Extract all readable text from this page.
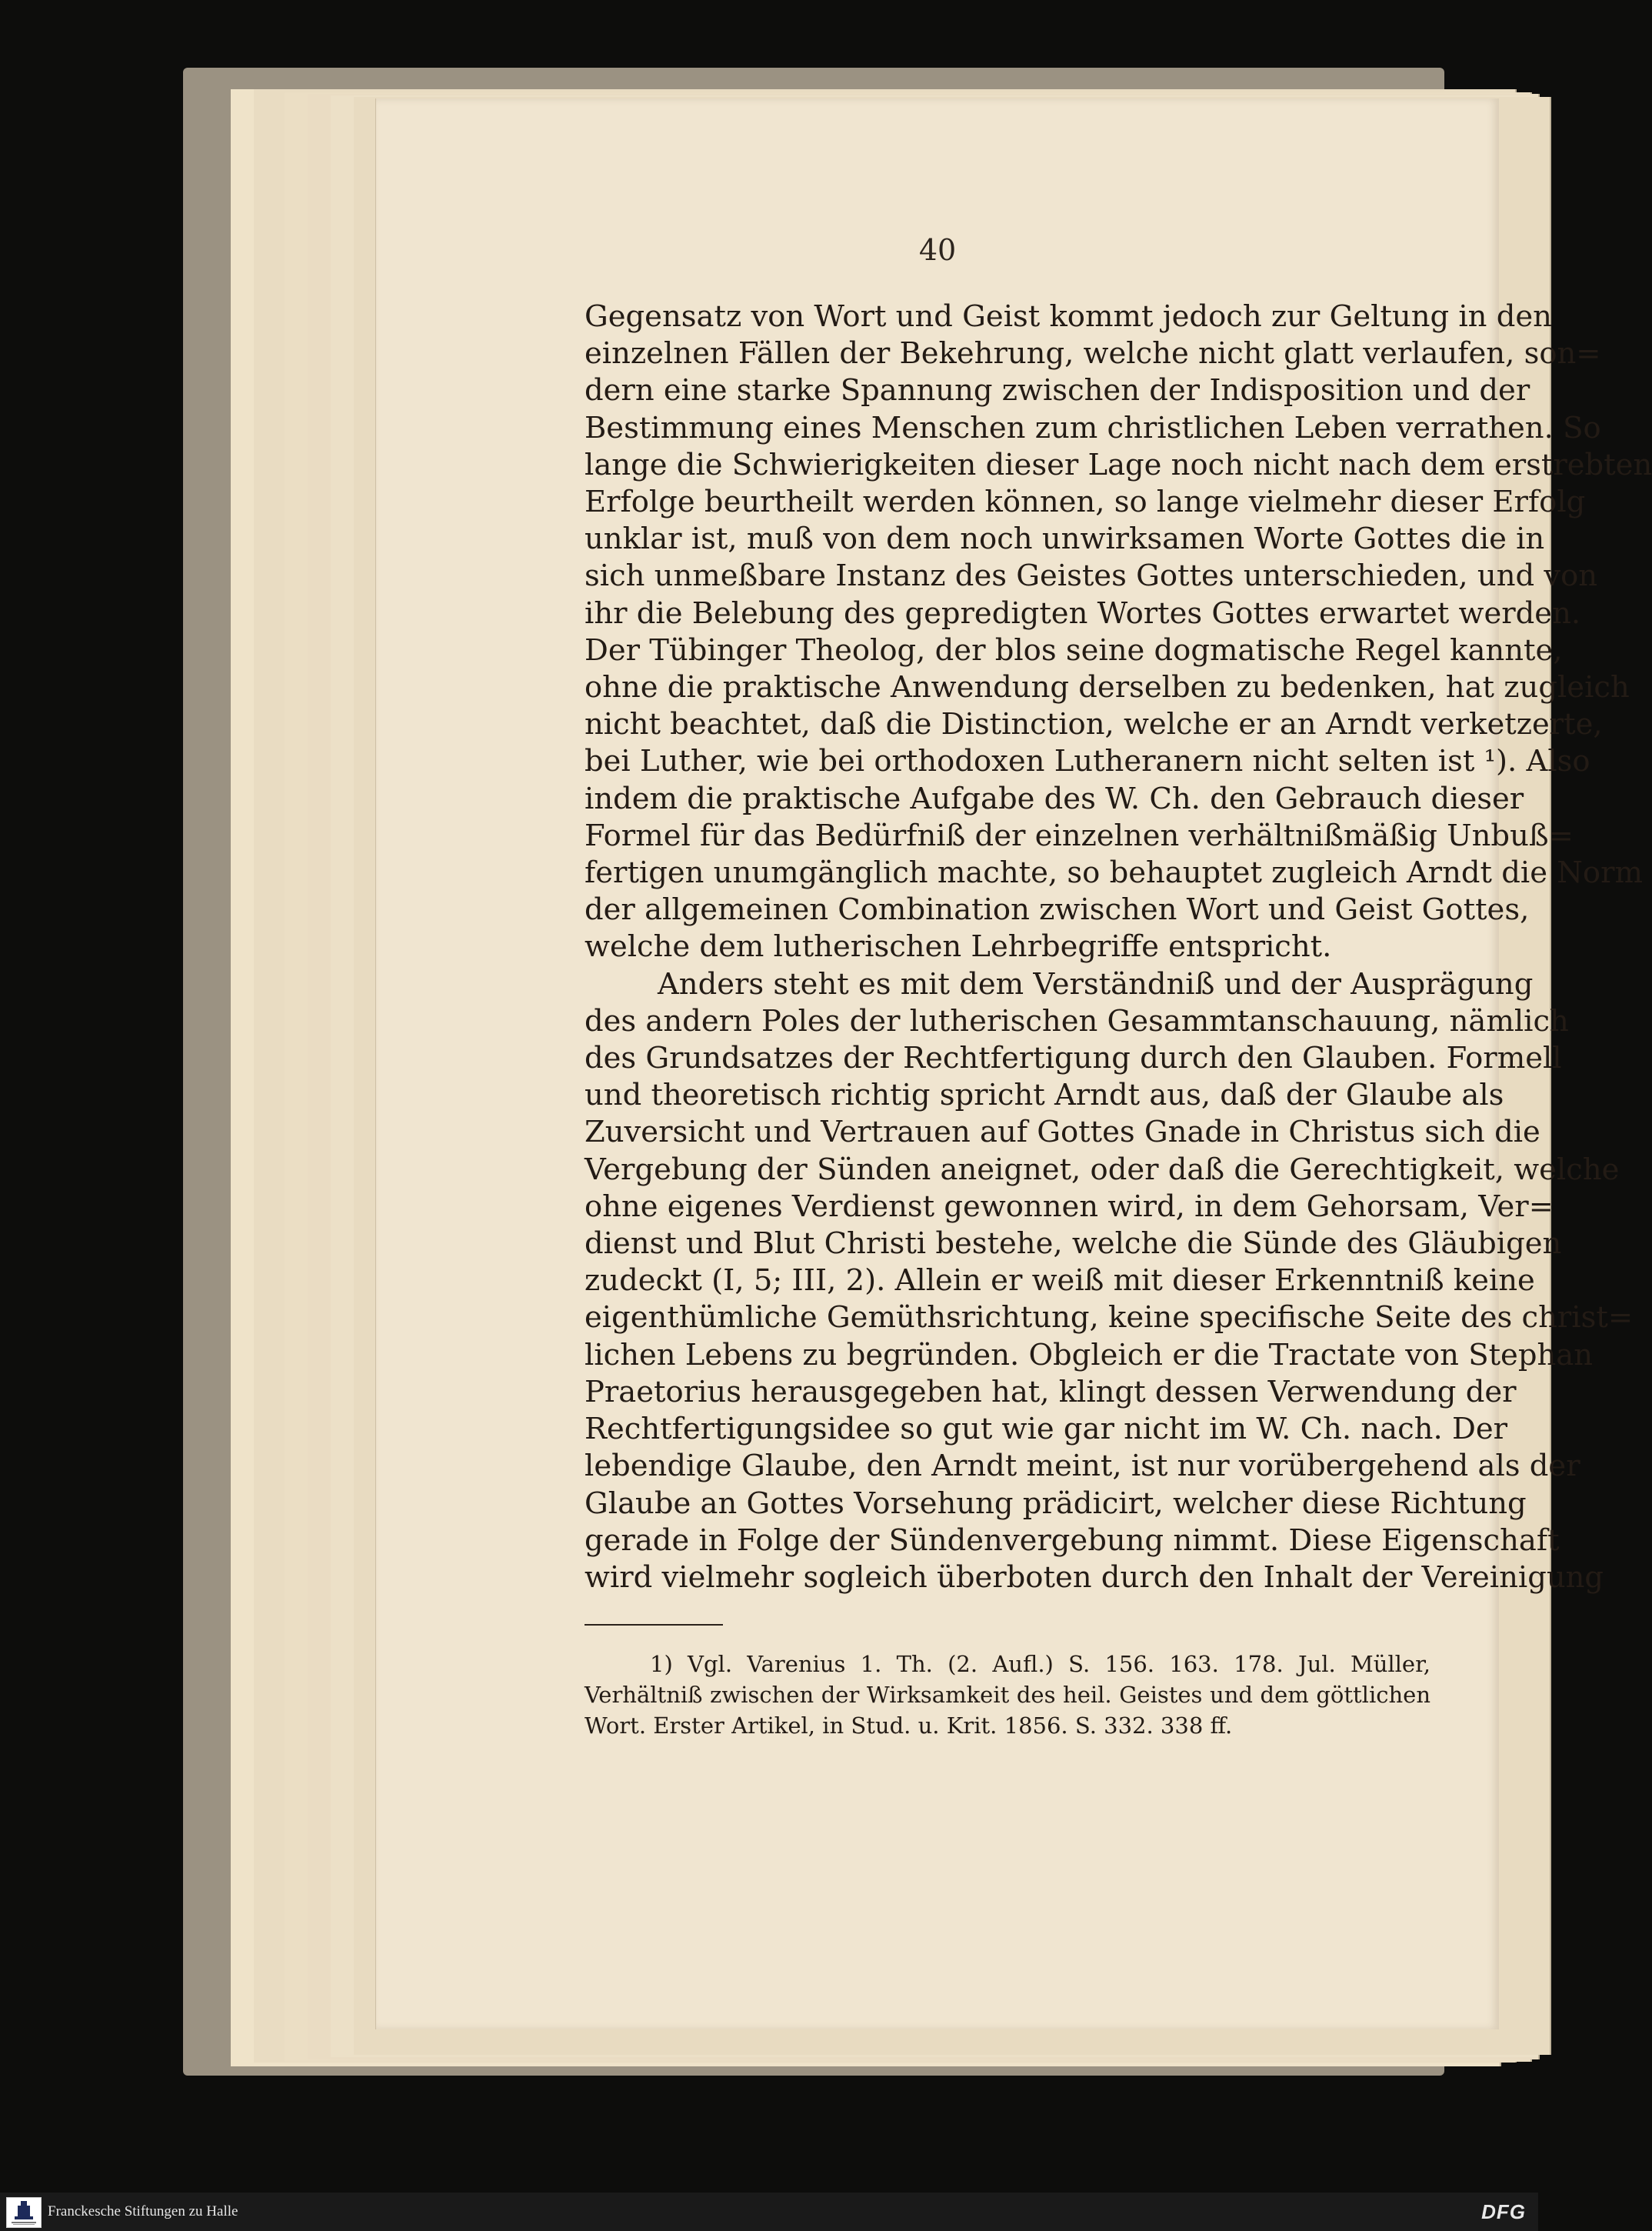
40
Gegensatz von Wort und Geist kommt jedoch zur Geltung in den
einzelnen Fällen der Bekehrung, welche nicht glatt verlaufen, son=
dern eine starke Spannung zwischen der Indisposition und der
Bestimmung eines Menschen zum christlichen Leben verrathen. So
lange die Schwierigkeiten dieser Lage noch nicht nach dem erstrebten
Erfolge beurtheilt werden können, so lange vielmehr dieser Erfolg
unklar ist, muß von dem noch unwirksamen Worte Gottes die in
sich unmeßbare Instanz des Geistes Gottes unterschieden, und von
ihr die Belebung des gepredigten Wortes Gottes erwartet werden.
Der Tübinger Theolog, der blos seine dogmatische Regel kannte,
ohne die praktische Anwendung derselben zu bedenken, hat zugleich
nicht beachtet, daß die Distinction, welche er an Arndt verketzerte,
bei Luther, wie bei orthodoxen Lutheranern nicht selten ist ¹). Also
indem die praktische Aufgabe des W. Ch. den Gebrauch dieser
Formel für das Bedürfniß der einzelnen verhältnißmäßig Unbuß=
fertigen unumgänglich machte, so behauptet zugleich Arndt die Norm
der allgemeinen Combination zwischen Wort und Geist Gottes,
welche dem lutherischen Lehrbegriffe entspricht.
Anders steht es mit dem Verständniß und der Ausprägung
des andern Poles der lutherischen Gesammtanschauung, nämlich
des Grundsatzes der Rechtfertigung durch den Glauben. Formell
und theoretisch richtig spricht Arndt aus, daß der Glaube als
Zuversicht und Vertrauen auf Gottes Gnade in Christus sich die
Vergebung der Sünden aneignet, oder daß die Gerechtigkeit, welche
ohne eigenes Verdienst gewonnen wird, in dem Gehorsam, Ver=
dienst und Blut Christi bestehe, welche die Sünde des Gläubigen
zudeckt (I, 5; III, 2). Allein er weiß mit dieser Erkenntniß keine
eigenthümliche Gemüthsrichtung, keine specifische Seite des christ=
lichen Lebens zu begründen. Obgleich er die Tractate von Stephan
Praetorius herausgegeben hat, klingt dessen Verwendung der
Rechtfertigungsidee so gut wie gar nicht im W. Ch. nach. Der
lebendige Glaube, den Arndt meint, ist nur vorübergehend als der
Glaube an Gottes Vorsehung prädicirt, welcher diese Richtung
gerade in Folge der Sündenvergebung nimmt. Diese Eigenschaft
wird vielmehr sogleich überboten durch den Inhalt der Vereinigung
1) Vgl. Varenius 1. Th. (2. Aufl.) S. 156. 163. 178. Jul. Müller,
Verhältniß zwischen der Wirksamkeit des heil. Geistes und dem göttlichen
Wort. Erster Artikel, in Stud. u. Krit. 1856. S. 332. 338 ff.
Franckesche Stiftungen zu Halle	DFG
